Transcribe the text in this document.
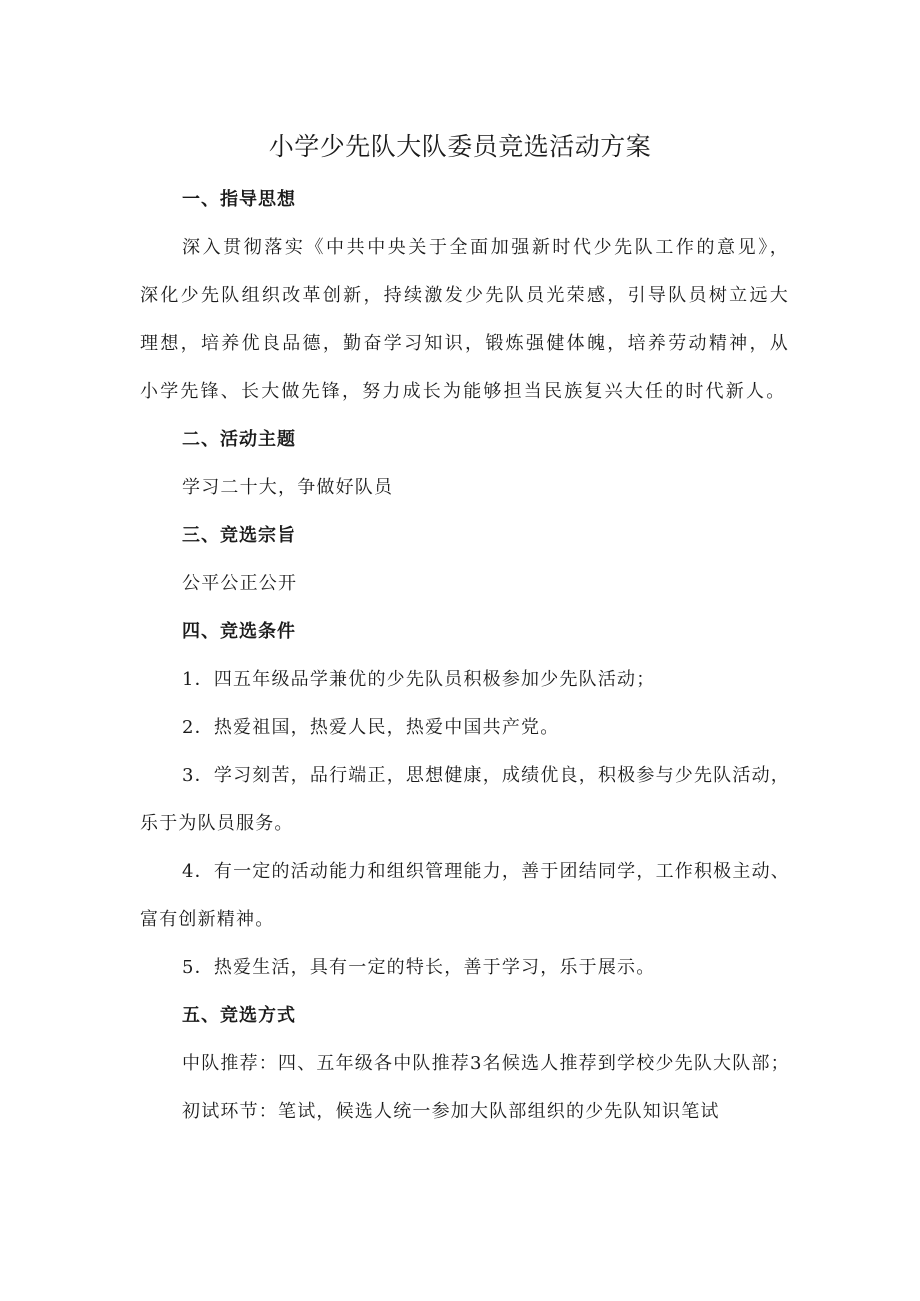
小学少先队大队委员竞选活动方案
一、指导思想
深入贯彻落实《中共中央关于全面加强新时代少先队工作的意见》，深化少先队组织改革创新，持续激发少先队员光荣感，引导队员树立远大理想，培养优良品德，勤奋学习知识，锻炼强健体魄，培养劳动精神，从小学先锋、长大做先锋，努力成长为能够担当民族复兴大任的时代新人。
二、活动主题
学习二十大，争做好队员
三、竞选宗旨
公平公正公开
四、竞选条件
1．四五年级品学兼优的少先队员积极参加少先队活动；
2．热爱祖国，热爱人民，热爱中国共产党。
3．学习刻苦，品行端正，思想健康，成绩优良，积极参与少先队活动，乐于为队员服务。
4．有一定的活动能力和组织管理能力，善于团结同学，工作积极主动、富有创新精神。
5．热爱生活，具有一定的特长，善于学习，乐于展示。
五、竞选方式
中队推荐：四、五年级各中队推荐3名候选人推荐到学校少先队大队部；
初试环节：笔试，候选人统一参加大队部组织的少先队知识笔试
